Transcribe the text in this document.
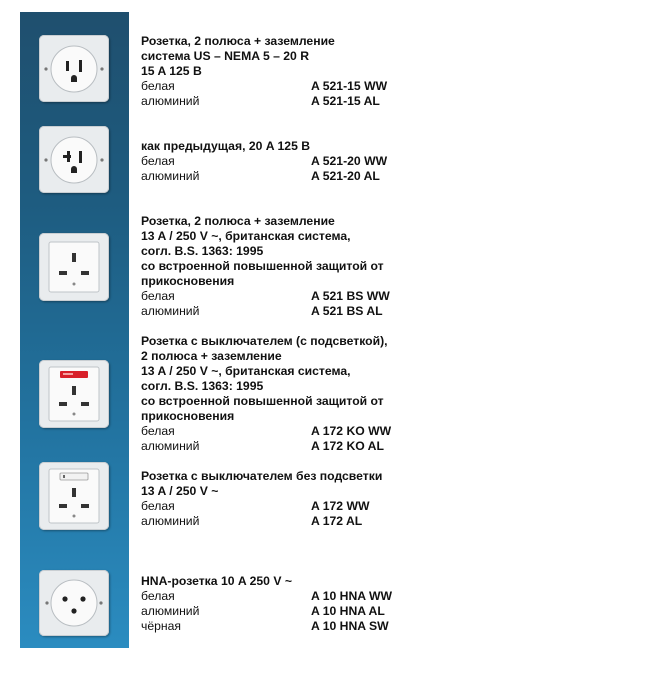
Розетка, 2 полюса + заземление
система US – NEMA 5 – 20 R
15 A 125 В
белая	A 521-15 WW
алюминий	A 521-15 AL
как предыдущая, 20 A 125 В
белая	A 521-20 WW
алюминий	A 521-20 AL
Розетка, 2 полюса + заземление
13 A / 250 V ~, британская система,
согл. B.S. 1363: 1995
со встроенной повышенной защитой от
прикосновения
белая	A 521 BS WW
алюминий	A 521 BS AL
Розетка с выключателем (с подсветкой),
2 полюса + заземление
13 A / 250 V ~, британская система,
согл. B.S. 1363: 1995
со встроенной повышенной защитой от
прикосновения
белая	A 172 KO WW
алюминий	A 172 KO AL
Розетка с выключателем без подсветки
13 A / 250 V ~
белая	A 172 WW
алюминий	A 172 AL
HNA-розетка 10 A 250 V ~
белая	A 10 HNA WW
алюминий	A 10 HNA AL
чёрная	A 10 HNA SW
